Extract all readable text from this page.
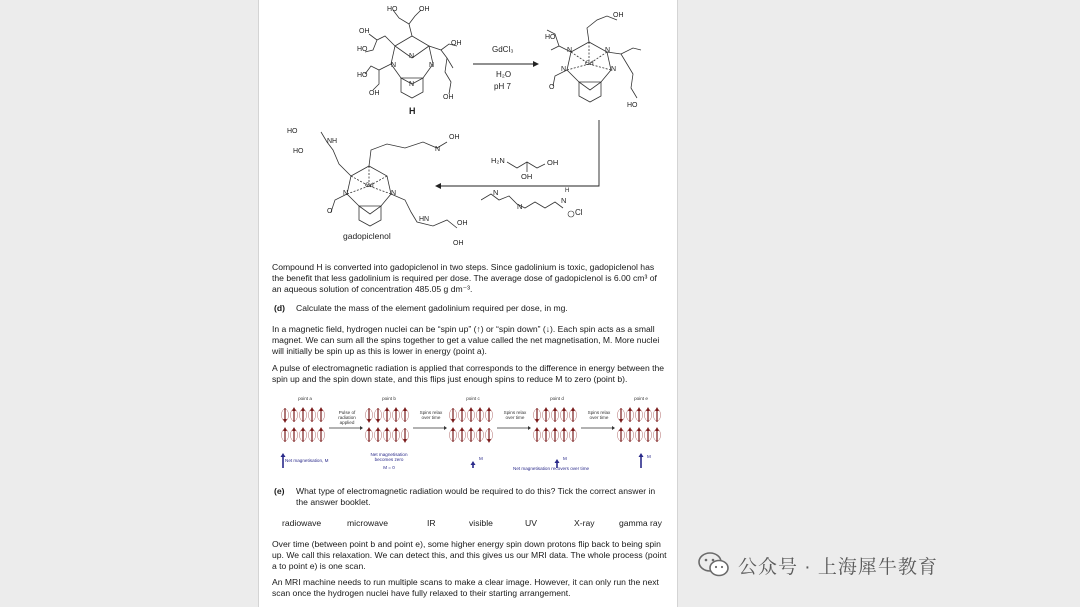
OH
HO
HO	OH
OH
HO
OH
OH
N
N	N
N
H
GdCl₃
H₂O
pH 7
Gd
N	N
N	N
O
HO
OH
HO
H₂N	OH
OH
N
N
N
H
Cl
Gd
HO
HO
NH
OH
N
OH
OH
HN
O
N	N
gadopiclenol
Compound H is converted into gadopiclenol in two steps. Since gadolinium is toxic, gadopiclenol has the benefit that less gadolinium is required per dose. The average dose of gadopiclenol is 6.00 cm³ of an aqueous solution of concentration 485.05 g dm⁻³.
(d) Calculate the mass of the element gadolinium required per dose, in mg.
In a magnetic field, hydrogen nuclei can be “spin up” (↑) or “spin down” (↓). Each spin acts as a small magnet. We can sum all the spins together to get a value called the net magnetisation, M. More nuclei will initially be spin up as this is lower in energy (point a).
A pulse of electromagnetic radiation is applied that corresponds to the difference in energy between the spin up and the spin down state, and this flips just enough spins to reduce M to zero (point b).
point a	point b	point c	point d	point e
Pulse of radiation applied
Spins relax over time
Spins relax over time
Spins relax over time
Net magnetisation, M
Net magnetisation becomes zero
M = 0
M	M	M
Net magnetisation recovers over time
(e) What type of electromagnetic radiation would be required to do this? Tick the correct answer in the answer booklet.
radiowave	microwave	IR	visible	UV	X-ray	gamma ray
Over time (between point b and point e), some higher energy spin down protons flip back to being spin up. We call this relaxation. We can detect this, and this gives us our MRI data. The whole process (point a to point e) is one scan.
An MRI machine needs to run multiple scans to make a clear image. However, it can only run the next scan once the hydrogen nuclei have fully relaxed to their starting arrangement.
公众号 · 上海犀牛教育
